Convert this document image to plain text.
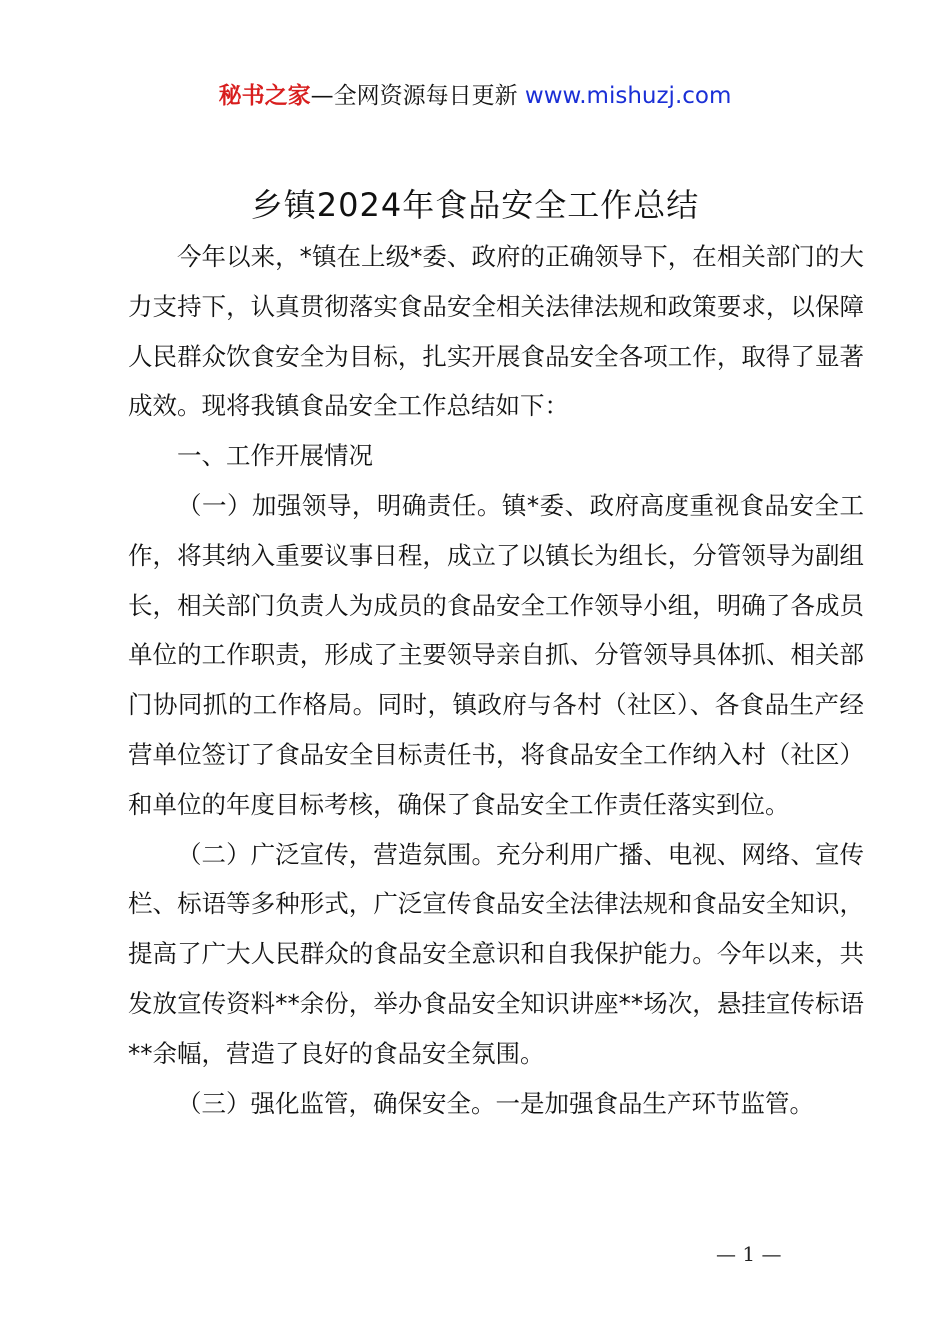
秘书之家—全网资源每日更新 www.mishuzj.com
乡镇2024年食品安全工作总结

今年以来，*镇在上级*委、政府的正确领导下，在相关部门的大力支持下，认真贯彻落实食品安全相关法律法规和政策要求，以保障人民群众饮食安全为目标，扎实开展食品安全各项工作，取得了显著成效。现将我镇食品安全工作总结如下：

一、工作开展情况

（一）加强领导，明确责任。镇*委、政府高度重视食品安全工作，将其纳入重要议事日程，成立了以镇长为组长，分管领导为副组长，相关部门负责人为成员的食品安全工作领导小组，明确了各成员单位的工作职责，形成了主要领导亲自抓、分管领导具体抓、相关部门协同抓的工作格局。同时，镇政府与各村（社区）、各食品生产经营单位签订了食品安全目标责任书，将食品安全工作纳入村（社区）和单位的年度目标考核，确保了食品安全工作责任落实到位。

（二）广泛宣传，营造氛围。充分利用广播、电视、网络、宣传栏、标语等多种形式，广泛宣传食品安全法律法规和食品安全知识，提高了广大人民群众的食品安全意识和自我保护能力。今年以来，共发放宣传资料**余份，举办食品安全知识讲座**场次，悬挂宣传标语**余幅，营造了良好的食品安全氛围。

（三）强化监管，确保安全。一是加强食品生产环节监管。

— 1 —
